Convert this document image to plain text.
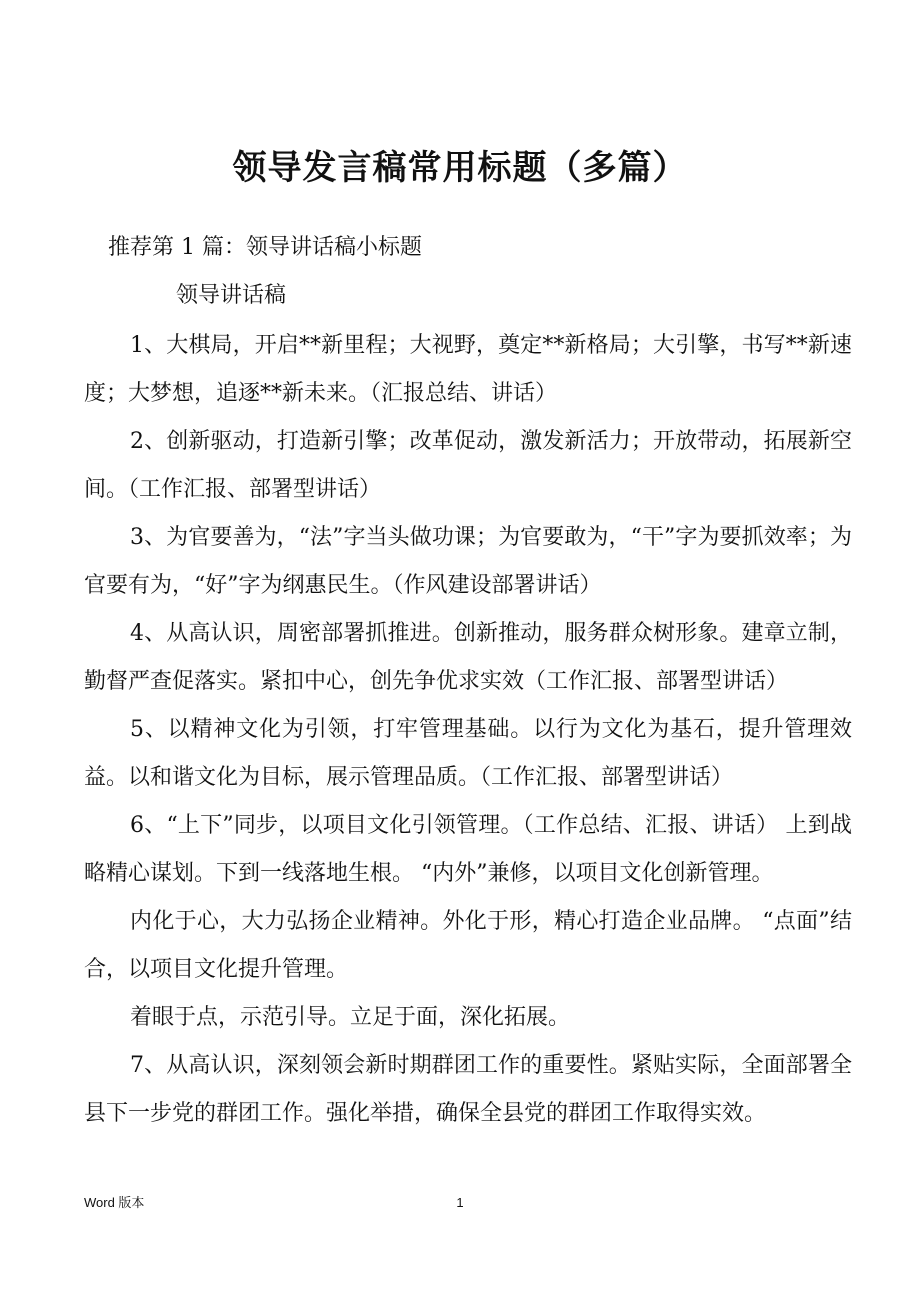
领导发言稿常用标题（多篇）
推荐第 1 篇：领导讲话稿小标题
领导讲话稿

1、大棋局，开启**新里程；大视野，奠定**新格局；大引擎，书写**新速度；大梦想，追逐**新未来。（汇报总结、讲话）

2、创新驱动，打造新引擎；改革促动，激发新活力；开放带动，拓展新空间。（工作汇报、部署型讲话）

3、为官要善为，“法”字当头做功课；为官要敢为，“干”字为要抓效率；为官要有为，“好”字为纲惠民生。（作风建设部署讲话）

4、从高认识，周密部署抓推进。创新推动，服务群众树形象。建章立制，勤督严查促落实。紧扣中心，创先争优求实效（工作汇报、部署型讲话）

5、以精神文化为引领，打牢管理基础。以行为文化为基石，提升管理效益。以和谐文化为目标，展示管理品质。（工作汇报、部署型讲话）

6、“上下”同步，以项目文化引领管理。（工作总结、汇报、讲话） 上到战略精心谋划。下到一线落地生根。 “内外”兼修，以项目文化创新管理。

内化于心，大力弘扬企业精神。外化于形，精心打造企业品牌。 “点面”结合，以项目文化提升管理。

着眼于点，示范引导。立足于面，深化拓展。

7、从高认识，深刻领会新时期群团工作的重要性。紧贴实际，全面部署全县下一步党的群团工作。强化举措，确保全县党的群团工作取得实效。

Word 版本	1
